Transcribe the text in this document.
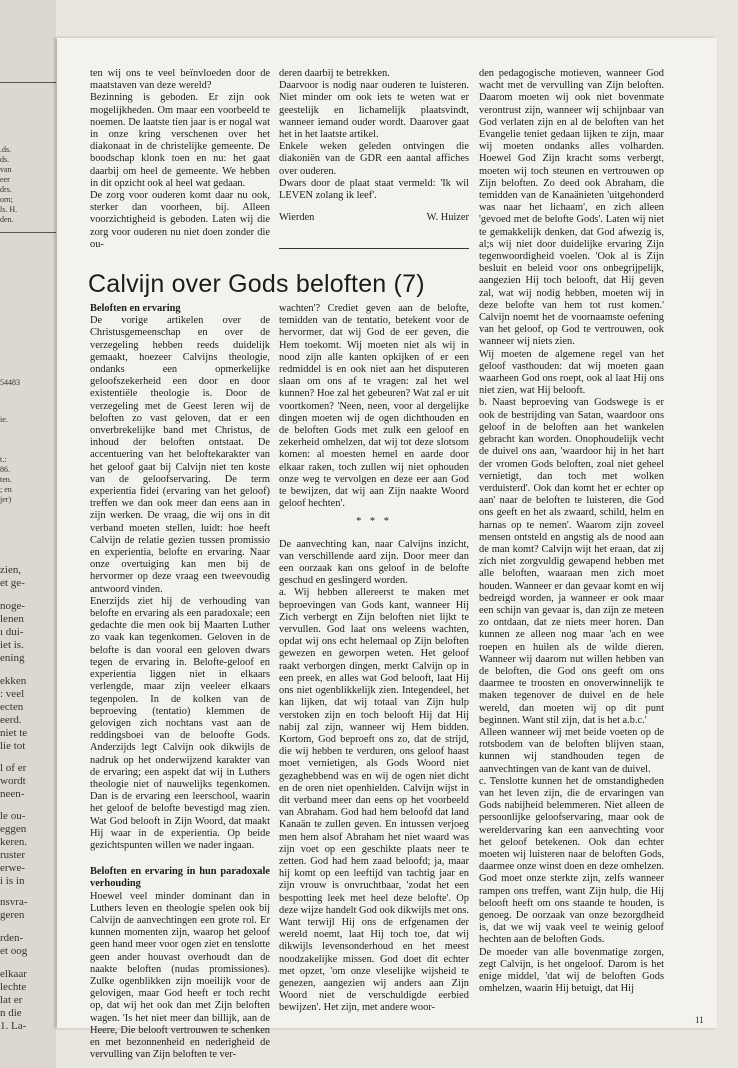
.ds.
ds.
van
eer
drs.
orn;
ls. H.
den.
54483
ie.
t.:
86.
ten.
; en
jer)
zien,
et ge-
noge-
lenen
ı dui-
iet is.
ening
ekken
: veel
ecten
eerd.
niet te
lie tot
l of er
wordt
neen-
le ou-
eggen
keren.
ruster
erwe-
i is in
nsvra-
geren
rden-
et oog
elkaar
lechte
lat er
n die
1. La-

ten wij ons te veel beïnvloeden door de maatstaven van deze wereld?

Bezinning is geboden. Er zijn ook mogelijkheden. Om maar een voorbeeld te noemen. De laatste tien jaar is er nogal wat in onze kring verschenen over het diakonaat in de christelijke gemeente. De boodschap klonk toen en nu: het gaat daarbij om heel de gemeente. We hebben in dit opzicht ook al heel wat gedaan.

De zorg voor ouderen komt daar nu ook, sterker dan voorheen, bij. Alleen voorzichtigheid is geboden. Laten wij die zorg voor ouderen nu niet doen zonder die ou-

deren daarbij te betrekken.

Daarvoor is nodig naar ouderen te luisteren. Niet minder om ook iets te weten wat er geestelijk en lichamelijk plaatsvindt, wanneer iemand ouder wordt. Daarover gaat het in het laatste artikel.

Enkele weken geleden ontvingen die diakoniën van de GDR een aantal affiches over ouderen.

Dwars door de plaat staat vermeld: 'Ik wil LEVEN zolang ik leef'.

Wierden	W. Huizer
Calvijn over Gods beloften (7)

Beloften en ervaring

De vorige artikelen over de Christusgemeenschap en over de verzegeling hebben reeds duidelijk gemaakt, hoezeer Calvijns theologie, ondanks een opmerkelijke geloofszekerheid een door en door existentiële theologie is. Door de verzegeling met de Geest leren wij de beloften zo vast geloven, dat er een onverbrekelijke band met Christus, de inhoud der beloften ontstaat. De accentuering van het beloftekarakter van het geloof gaat bij Calvijn niet ten koste van de geloofservaring. De term experientia fidei (ervaring van het geloof) treffen we dan ook meer dan eens aan in zijn werken. De vraag, die wij ons in dit verband moeten stellen, luidt: hoe heeft Calvijn de relatie gezien tussen promissio en experientia, belofte en ervaring. Naar onze overtuiging kan men bij de hervormer op deze vraag een tweevoudig antwoord vinden.

Enerzijds ziet hij de verhouding van belofte en ervaring als een paradoxale; een gedachte die men ook bij Maarten Luther zo vaak kan tegenkomen. Geloven in de belofte is dan vooral een geloven dwars tegen de ervaring in. Belofte-geloof en experientia liggen niet in elkaars verlengde, maar zijn veeleer elkaars tegenpolen. In de kolken van de beproeving (tentatio) klemmen de gelovigen zich nochtans vast aan de reddingsboei van de beloofte Gods. Anderzijds legt Calvijn ook dikwijls de nadruk op het onderwijzend karakter van de ervaring; een aspekt dat wij in Luthers theologie niet of nauwelijks tegenkomen. Dan is de ervaring een leerschool, waarin het geloof de belofte bevestigd mag zien. Wat God belooft in Zijn Woord, dat maakt Hij waar in de experientia. Op beide gezichtspunten willen we nader ingaan.

Beloften en ervaring in hun paradoxale verhouding

Hoewel veel minder dominant dan in Luthers leven en theologie spelen ook bij Calvijn de aanvechtingen een grote rol. Er kunnen momenten zijn, waarop het geloof geen hand meer voor ogen ziet en tenslotte geen ander houvast overhoudt dan de naakte beloften (nudas promissiones). Zulke ogenblikken zijn moeilijk voor de gelovigen, maar God heeft er toch recht op, dat wij het ook dan met Zijn beloften wagen. 'Is het niet meer dan billijk, aan de Heere, Die belooft vertrouwen te schenken en met bezonnenheid en nederigheid de vervulling van Zijn beloften te ver-

wachten'? Crediet geven aan de belofte, temidden van de tentatio, betekent voor de hervormer, dat wij God de eer geven, die Hem toekomt. Wij moeten niet als wij in nood zijn alle kanten opkijken of er een redmiddel is en ook niet aan het disputeren slaan om ons af te vragen: zal het wel kunnen? Hoe zal het gebeuren? Wat zal er uit voortkomen? 'Neen, neen, voor al dergelijke dingen moeten wij de ogen dichthouden en de beloften Gods met zulk een geloof en zekerheid omhelzen, dat wij tot deze slotsom komen: al moesten hemel en aarde door elkaar raken, toch zullen wij niet ophouden onze weg te vervolgen en deze eer aan God te bewijzen, dat wij aan Zijn naakte Woord geloof hechten'.

* * *

De aanvechting kan, naar Calvijns inzicht, van verschillende aard zijn. Door meer dan een oorzaak kan ons geloof in de belofte geschud en geslingerd worden.

a. Wij hebben allereerst te maken met beproevingen van Gods kant, wanneer Hij Zich verbergt en Zijn beloften niet lijkt te vervullen. God laat ons weleens wachten, opdat wij ons echt helemaal op Zijn beloften gewezen en geworpen weten. Het geloof raakt verborgen dingen, merkt Calvijn op in een preek, en alles wat God belooft, laat Hij ons niet ogenblikkelijk zien. Integendeel, het kan lijken, dat wij totaal van Zijn hulp verstoken zijn en toch belooft Hij dat Hij nabij zal zijn, wanneer wij Hem bidden. Kortom, God beproeft ons zo, dat de strijd, die wij hebben te verduren, ons geloof haast moet vernietigen, als Gods Woord niet gezaghebbend was en wij de ogen niet dicht en de oren niet openhielden. Calvijn wijst in dit verband meer dan eens op het voorbeeld van Abraham. God had hem beloofd dat land Kanaän te zullen geven. En intussen verjoeg men hem alsof Abraham het niet waard was zijn voet op een geschikte plaats neer te zetten. God had hem zaad beloofd; ja, maar hij komt op een leeftijd van tachtig jaar en zijn vrouw is onvruchtbaar, 'zodat het een bespotting leek met heel deze belofte'. Op deze wijze handelt God ook dikwijls met ons. Want terwijl Hij ons de erfgenamen der wereld noemt, laat Hij toch toe, dat wij dikwijls levensonderhoud en het meest noodzakelijke missen. God doet dit echter met opzet, 'om onze vleselijke wijsheid te genezen, aangezien wij anders aan Zijn Woord niet de verschuldigde eerbied bewijzen'. Het zijn, met andere woor-

den pedagogische motieven, wanneer God wacht met de vervulling van Zijn beloften. Daarom moeten wij ook niet bovenmate verontrust zijn, wanneer wij schijnbaar van God verlaten zijn en al de beloften van het Evangelie teniet gedaan lijken te zijn, maar wij moeten ondanks alles volharden. Hoewel God Zijn kracht soms verbergt, moeten wij toch steunen en vertrouwen op Zijn beloften. Zo deed ook Abraham, die temidden van de Kanaänieten 'uitgehonderd was naar het lichaam', en zich alleen 'gevoed met de belofte Gods'. Laten wij niet te gemakkelijk denken, dat God afwezig is, al;s wij niet door duidelijke ervaring Zijn tegenwoordigheid voelen. 'Ook al is Zijn besluit en beleid voor ons onbegrijpelijk, aangezien Hij toch belooft, dat Hij geven zal, wat wij nodig hebben, moeten wij in deze belofte van hem tot rust komen.' Calvijn noemt het de voornaamste oefening van het geloof, op God te vertrouwen, ook wanneer wij niets zien.

Wij moeten de algemene regel van het geloof vasthouden: dat wij moeten gaan waarheen God ons roept, ook al laat Hij ons niet zien, wat Hij belooft.

b. Naast beproeving van Godswege is er ook de bestrijding van Satan, waardoor ons geloof in de beloften aan het wankelen gebracht kan worden. Onophoudelijk vecht de duivel ons aan, 'waardoor hij in het hart der vromen Gods beloften, zoal niet geheel vernietigt, dan toch met wolken verduisterd'. Ook dan komt het er echter op aan' naar de beloften te luisteren, die God ons geeft en het als zwaard, schild, helm en harnas op te nemen'. Waarom zijn zoveel mensen ontsteld en angstig als de nood aan de man komt? Calvijn wijt het eraan, dat zij zich niet zorgvuldig gewapend hebben met alle beloften, waaraan men zich moet houden. Wanneer er dan gevaar komt en wij bedreigd worden, ja wanneer er ook maar een schijn van gevaar is, dan zijn ze meteen zo ontdaan, dat ze niets meer horen. Dan kunnen ze alleen nog maar 'ach en wee roepen en huilen als de wilde dieren. Wanneer wij daarom nut willen hebben van de beloften, die God ons geeft om ons daarmee te troosten en onoverwinnelijk te maken tegenover de duivel en de hele wereld, dan moeten wij op dit punt beginnen. Want stil zijn, dat is het a.b.c.'

Alleen wanneer wij met beide voeten op de rotsbodem van de beloften blijven staan, kunnen wij standhouden tegen de aanvechtingen van de kant van de duivel.

c. Tenslotte kunnen het de omstandigheden van het leven zijn, die de ervaringen van Gods nabijheid belemmeren. Niet alleen de persoonlijke geloofservaring, maar ook de wereldervaring kan een aanvechting voor het geloof betekenen. Ook dan echter moeten wij luisteren naar de beloften Gods, daarmee onze winst doen en deze omhelzen. God moet onze sterkte zijn, zelfs wanneer rampen ons treffen, want Zijn hulp, die Hij belooft heeft om ons staande te houden, is genoeg. De oorzaak van onze bezorgdheid is, dat we wij vaak veel te weinig geloof hechten aan de beloften Gods.

De moeder van alle bovenmatige zorgen, zegt Calvijn, is het ongeloof. Darom is het enige middel, 'dat wij de beloften Gods omhelzen, waarin Hij betuigt, dat Hij

11
